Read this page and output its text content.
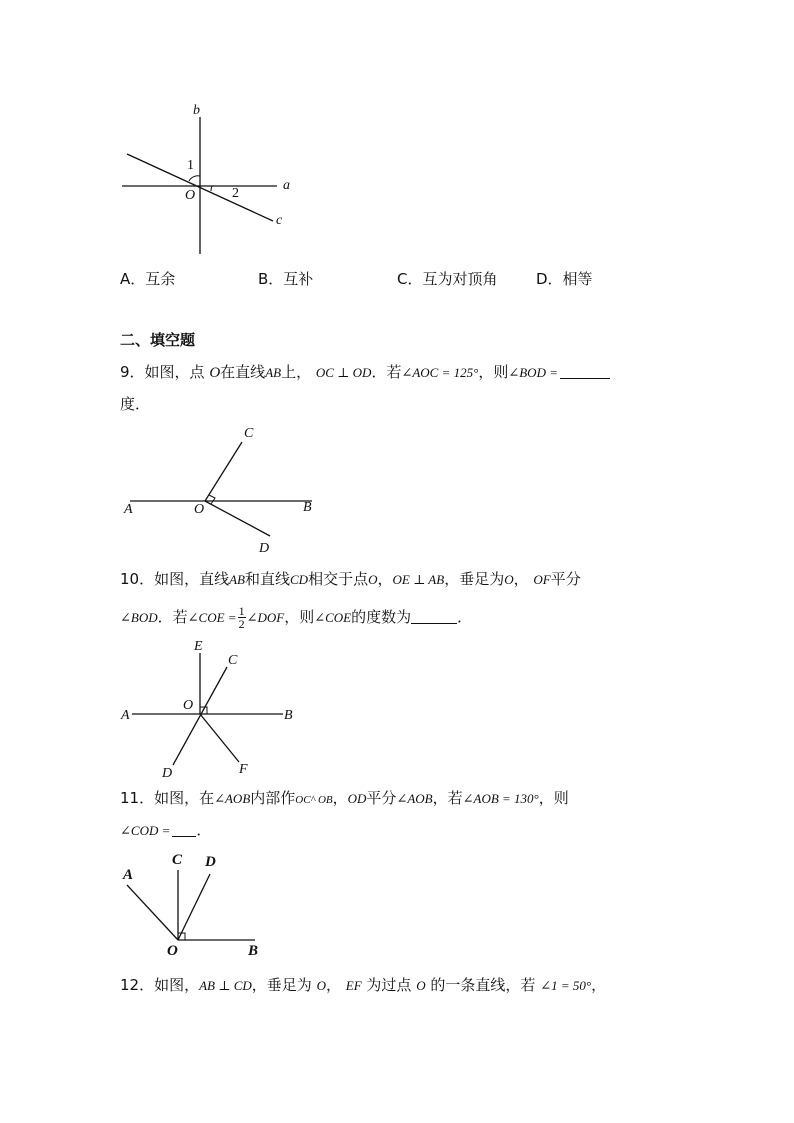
b
1
O
a
2
c
A．互余	B．互补	C．互为对顶角	D．相等
二、填空题
9．如图，点 O在直线AB上， OC ⊥ OD．若∠AOC = 125°，则∠BOD =
度．
C
A	O	B
D
10．如图，直线AB和直线CD相交于点O，OE ⊥ AB，垂足为O， OF平分
∠BOD．若∠COE = $\frac{1}{2}$ ∠DOF，则∠COE的度数为	．
E
C
A
O
B
D	F
11．如图，在∠AOB内部作OC^ OB，OD平分∠AOB，若∠AOB = 130°，则
∠COD = ．
C D
A
O	B
12．如图，AB ⊥ CD，垂足为 O， EF 为过点 O 的一条直线，若 ∠1 = 50°，
